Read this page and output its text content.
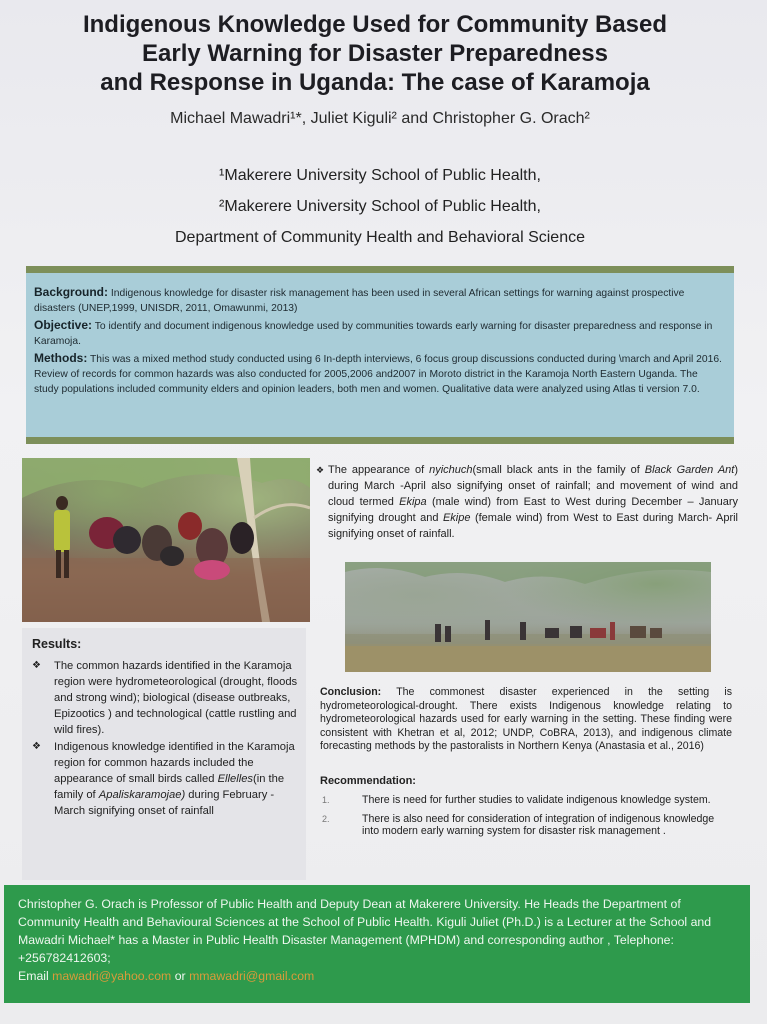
Indigenous Knowledge Used for Community Based
Early Warning for Disaster Preparedness
and Response in Uganda: The case of Karamoja
Michael Mawadri¹*, Juliet Kiguli² and Christopher G. Orach²
¹Makerere University School of Public Health,
²Makerere University School of Public Health,
Department of Community Health and Behavioral Science

Background: Indigenous knowledge for disaster risk management has been used in several African settings for warning against prospective disasters (UNEP,1999, UNISDR, 2011, Omawunmi, 2013)

Objective: To identify and document indigenous knowledge used by communities towards early warning for disaster preparedness and response in Karamoja.

Methods: This was a mixed method study conducted using 6 In-depth interviews, 6 focus group discussions conducted during \march and April 2016. Review of records for common hazards was also conducted for 2005,2006 and2007 in Moroto district in the Karamoja North Eastern Uganda. The study populations included community elders and opinion leaders, both men and women. Qualitative data were analyzed using Atlas ti version 7.0.

Results:
❖ The common hazards identified in the Karamoja region were hydrometeorological (drought, floods and strong wind); biological (disease outbreaks, Epizootics ) and technological (cattle rustling and wild fires).
❖ Indigenous knowledge identified in the Karamoja region for common hazards included the appearance of small birds called Ellelles(in the family of Apaliskaramojae) during February -March signifying onset of rainfall
❖ The appearance of nyichuch(small black ants in the family of Black Garden Ant) during March -April also signifying onset of rainfall; and movement of wind and cloud termed Ekipa (male wind) from East to West during December – January signifying drought and Ekipe (female wind) from West to East during March- April signifying onset of rainfall.

Conclusion: The commonest disaster experienced in the setting is hydrometeorological-drought. There exists Indigenous knowledge relating to hydrometeorological hazards used for early warning in the setting. These finding were consistent with Khetran et al, 2012; UNDP, CoBRA, 2013), and indigenous climate forecasting methods by the pastoralists in Northern Kenya (Anastasia et al., 2016)

Recommendation:
1.	There is need for further studies to validate indigenous knowledge system.
2.	There is also need for consideration of integration of indigenous knowledge into modern early warning system for disaster risk management .

Christopher G. Orach is Professor of Public Health and Deputy Dean at Makerere University. He Heads the Department of Community Health and Behavioural Sciences at the School of Public Health. Kiguli Juliet (Ph.D.) is a Lecturer at the School and Mawadri Michael* has a Master in Public Health Disaster Management (MPHDM) and corresponding author , Telephone: +256782412603;

Email mawadri@yahoo.com or mmawadri@gmail.com
